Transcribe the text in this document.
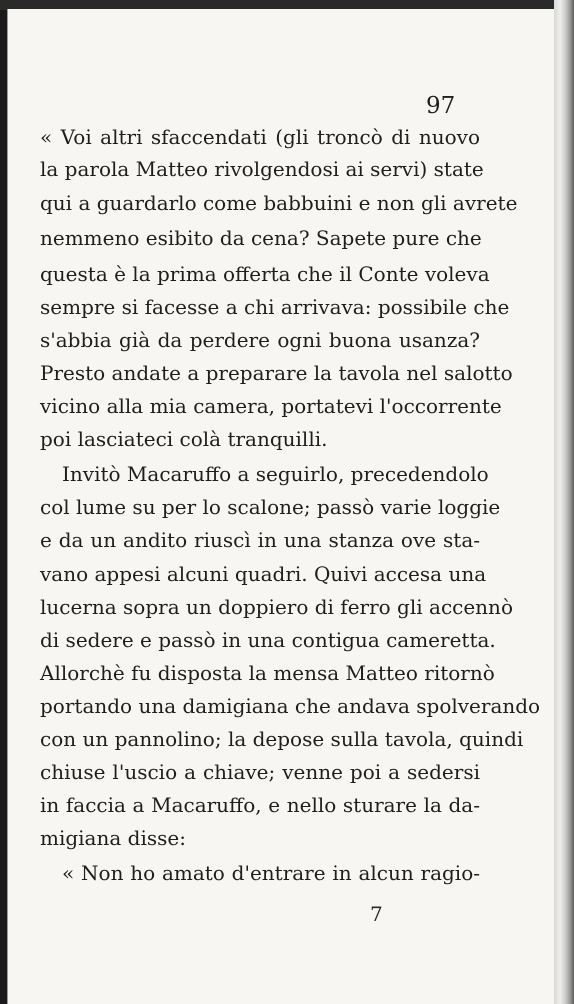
97
« Voi altri sfaccendati (gli troncò di nuovo
la parola Matteo rivolgendosi ai servi) state
qui a guardarlo come babbuini e non gli avrete
nemmeno esibito da cena? Sapete pure che
questa è la prima offerta che il Conte voleva
sempre si facesse a chi arrivava: possibile che
s'abbia già da perdere ogni buona usanza?
Presto andate a preparare la tavola nel salotto
vicino alla mia camera, portatevi l'occorrente
poi lasciateci colà tranquilli.
Invitò Macaruffo a seguirlo, precedendolo
col lume su per lo scalone; passò varie loggie
e da un andito riuscì in una stanza ove sta-
vano appesi alcuni quadri. Quivi accesa una
lucerna sopra un doppiero di ferro gli accennò
di sedere e passò in una contigua cameretta.
Allorchè fu disposta la mensa Matteo ritornò
portando una damigiana che andava spolverando
con un pannolino; la depose sulla tavola, quindi
chiuse l'uscio a chiave; venne poi a sedersi
in faccia a Macaruffo, e nello sturare la da-
migiana disse:
« Non ho amato d'entrare in alcun ragio-
7
